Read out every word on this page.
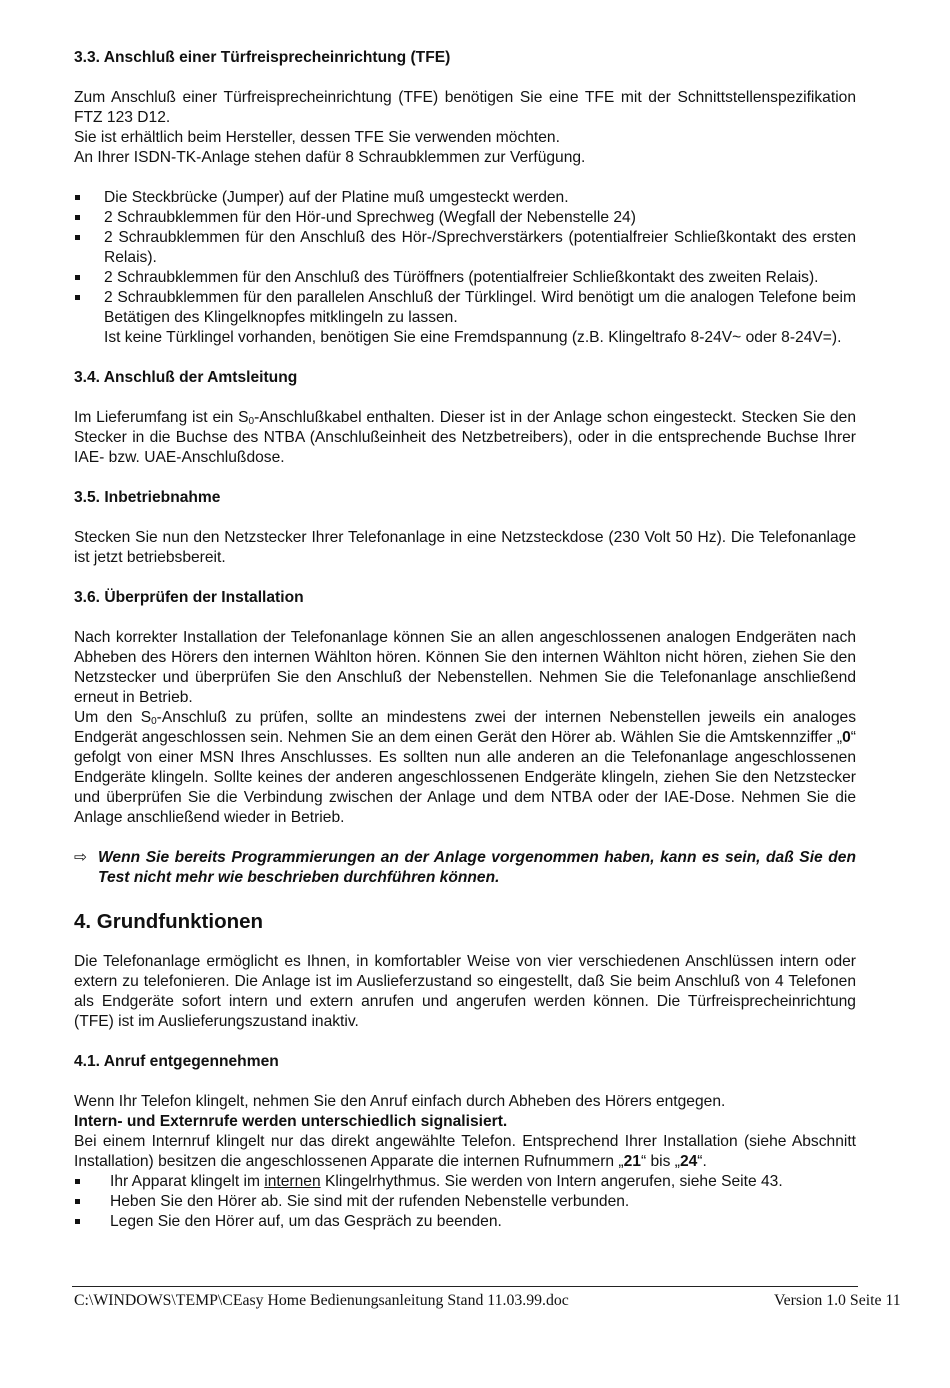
3.3. Anschluß einer Türfreisprecheinrichtung (TFE)

Zum Anschluß einer Türfreisprecheinrichtung (TFE) benötigen Sie eine TFE mit der Schnittstellenspezifikation FTZ 123 D12.

Sie ist erhältlich beim Hersteller, dessen TFE Sie verwenden möchten.

An Ihrer ISDN-TK-Anlage stehen dafür 8 Schraubklemmen zur Verfügung.

Die Steckbrücke (Jumper) auf der Platine muß umgesteckt werden.
2 Schraubklemmen für den Hör-und Sprechweg (Wegfall der Nebenstelle 24)
2 Schraubklemmen für den Anschluß des Hör-/Sprechverstärkers (potentialfreier Schließkontakt des ersten Relais).
2 Schraubklemmen für den Anschluß des Türöffners (potentialfreier Schließkontakt des zweiten Relais).
2 Schraubklemmen für den parallelen Anschluß der Türklingel. Wird benötigt um die analogen Telefone beim Betätigen des Klingelknopfes mitklingeln zu lassen.
Ist keine Türklingel vorhanden, benötigen Sie eine Fremdspannung (z.B. Klingeltrafo 8-24V~ oder 8-24V=).
3.4. Anschluß der Amtsleitung

Im Lieferumfang ist ein $S_0$-Anschlußkabel enthalten. Dieser ist in der Anlage schon eingesteckt. Stecken Sie den Stecker in die Buchse des NTBA (Anschlußeinheit des Netzbetreibers), oder in die entsprechende Buchse Ihrer IAE- bzw. UAE-Anschlußdose.

3.5. Inbetriebnahme

Stecken Sie nun den Netzstecker Ihrer Telefonanlage in eine Netzsteckdose (230 Volt 50 Hz). Die Telefonanlage ist jetzt betriebsbereit.

3.6. Überprüfen der Installation

Nach korrekter Installation der Telefonanlage können Sie an allen angeschlossenen analogen Endgeräten nach Abheben des Hörers den internen Wählton hören. Können Sie den internen Wählton nicht hören, ziehen Sie den Netzstecker und überprüfen Sie den Anschluß der Nebenstellen. Nehmen Sie die Telefonanlage anschließend erneut in Betrieb.

Um den $S_0$-Anschluß zu prüfen, sollte an mindestens zwei der internen Nebenstellen jeweils ein analoges Endgerät angeschlossen sein. Nehmen Sie an dem einen Gerät den Hörer ab. Wählen Sie die Amtskennziffer „0“ gefolgt von einer MSN Ihres Anschlusses. Es sollten nun alle anderen an die Telefonanlage angeschlossenen Endgeräte klingeln. Sollte keines der anderen angeschlossenen Endgeräte klingeln, ziehen Sie den Netzstecker und überprüfen Sie die Verbindung zwischen der Anlage und dem NTBA oder der IAE-Dose. Nehmen Sie die Anlage anschließend wieder in Betrieb.

⇨ Wenn Sie bereits Programmierungen an der Anlage vorgenommen haben, kann es sein, daß Sie den Test nicht mehr wie beschrieben durchführen können.

4. Grundfunktionen

Die Telefonanlage ermöglicht es Ihnen, in komfortabler Weise von vier verschiedenen Anschlüssen intern oder extern zu telefonieren. Die Anlage ist im Auslieferzustand so eingestellt, daß Sie beim Anschluß von 4 Telefonen als Endgeräte sofort intern und extern anrufen und angerufen werden können. Die Türfreisprecheinrichtung (TFE) ist im Auslieferungszustand inaktiv.

4.1. Anruf entgegennehmen

Wenn Ihr Telefon klingelt, nehmen Sie den Anruf einfach durch Abheben des Hörers entgegen.

Intern- und Externrufe werden unterschiedlich signalisiert.

Bei einem Internruf klingelt nur das direkt angewählte Telefon. Entsprechend Ihrer Installation (siehe Abschnitt Installation) besitzen die angeschlossenen Apparate die internen Rufnummern „21“ bis „24“.

Ihr Apparat klingelt im internen Klingelrhythmus. Sie werden von Intern angerufen, siehe Seite 43.
Heben Sie den Hörer ab. Sie sind mit der rufenden Nebenstelle verbunden.
Legen Sie den Hörer auf, um das Gespräch zu beenden.
C:\WINDOWS\TEMP\CEasy Home Bedienungsanleitung Stand 11.03.99.doc	Version 1.0 Seite 11
